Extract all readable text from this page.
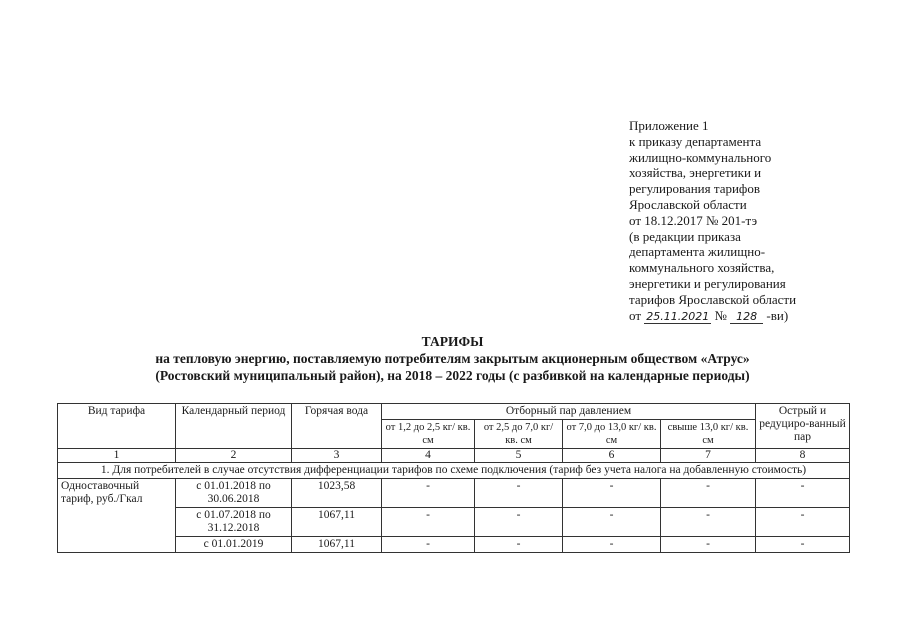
Приложение 1
к приказу департамента
жилищно-коммунального
хозяйства, энергетики и
регулирования тарифов
Ярославской области
от 18.12.2017 № 201-тэ
(в редакции приказа
департамента жилищно-
коммунального хозяйства,
энергетики и регулирования
тарифов Ярославской области
от 25.11.2021 № 128 -ви)
ТАРИФЫ
на тепловую энергию, поставляемую потребителям закрытым акционерным обществом «Атрус»
(Ростовский муниципальный район), на 2018 – 2022 годы (с разбивкой на календарные периоды)
Вид тарифа	Календарный период	Горячая вода	Отборный пар давлением				Острый и редуциро-ванный пар
			от 1,2 до 2,5 кг/ кв. см	от 2,5 до 7,0 кг/ кв. см	от 7,0 до 13,0 кг/ кв. см	свыше 13,0 кг/ кв. см	
1	2	3	4	5	6	7	8
1. Для потребителей в случае отсутствия дифференциации тарифов по схеме подключения (тариф без учета налога на добавленную стоимость)							
Одноставочный тариф, руб./Гкал	с 01.01.2018 по 30.06.2018	1023,58	-	-	-	-	-
	с 01.07.2018 по 31.12.2018	1067,11	-	-	-	-	-
	с 01.01.2019	1067,11	-	-	-	-	-
